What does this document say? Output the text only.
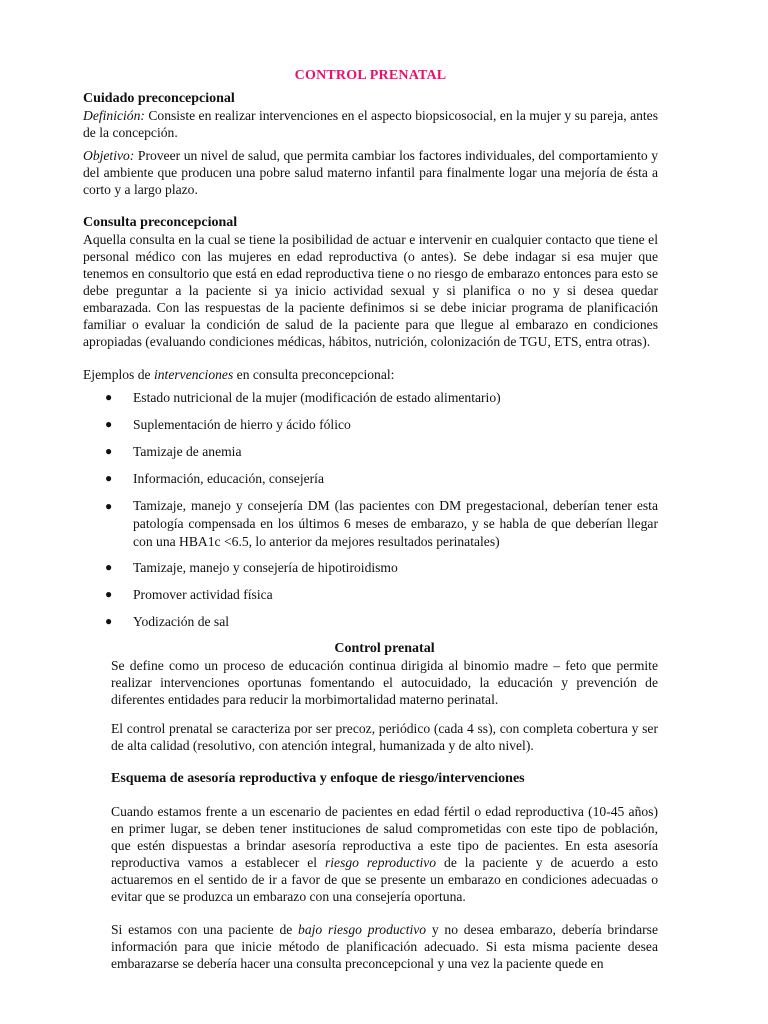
CONTROL PRENATAL
Cuidado preconcepcional

Definición: Consiste en realizar intervenciones en el aspecto biopsicosocial, en la mujer y su pareja, antes de la concepción.

Objetivo: Proveer un nivel de salud, que permita cambiar los factores individuales, del comportamiento y del ambiente que producen una pobre salud materno infantil para finalmente logar una mejoría de ésta a corto y a largo plazo.

Consulta preconcepcional

Aquella consulta en la cual se tiene la posibilidad de actuar e intervenir en cualquier contacto que tiene el personal médico con las mujeres en edad reproductiva (o antes). Se debe indagar si esa mujer que tenemos en consultorio que está en edad reproductiva tiene o no riesgo de embarazo entonces para esto se debe preguntar a la paciente si ya inicio actividad sexual y si planifica o no y si desea quedar embarazada. Con las respuestas de la paciente definimos si se debe iniciar programa de planificación familiar o evaluar la condición de salud de la paciente para que llegue al embarazo en condiciones apropiadas (evaluando condiciones médicas, hábitos, nutrición, colonización de TGU, ETS, entra otras).

Ejemplos de intervenciones en consulta preconcepcional:

● Estado nutricional de la mujer (modificación de estado alimentario)
● Suplementación de hierro y ácido fólico
● Tamizaje de anemia
● Información, educación, consejería
● Tamizaje, manejo y consejería DM (las pacientes con DM pregestacional, deberían tener esta patología compensada en los últimos 6 meses de embarazo, y se habla de que deberían llegar con una HBA1c <6.5, lo anterior da mejores resultados perinatales)
● Tamizaje, manejo y consejería de hipotiroidismo
● Promover actividad física
● Yodización de sal
Control prenatal

Se define como un proceso de educación continua dirigida al binomio madre – feto que permite realizar intervenciones oportunas fomentando el autocuidado, la educación y prevención de diferentes entidades para reducir la morbimortalidad materno perinatal.

El control prenatal se caracteriza por ser precoz, periódico (cada 4 ss), con completa cobertura y ser de alta calidad (resolutivo, con atención integral, humanizada y de alto nivel).

Esquema de asesoría reproductiva y enfoque de riesgo/intervenciones

Cuando estamos frente a un escenario de pacientes en edad fértil o edad reproductiva (10-45 años) en primer lugar, se deben tener instituciones de salud comprometidas con este tipo de población, que estén dispuestas a brindar asesoría reproductiva a este tipo de pacientes. En esta asesoría reproductiva vamos a establecer el riesgo reproductivo de la paciente y de acuerdo a esto actuaremos en el sentido de ir a favor de que se presente un embarazo en condiciones adecuadas o evitar que se produzca un embarazo con una consejería oportuna.

Si estamos con una paciente de bajo riesgo productivo y no desea embarazo, debería brindarse información para que inicie método de planificación adecuado. Si esta misma paciente desea embarazarse se debería hacer una consulta preconcepcional y una vez la paciente quede en
